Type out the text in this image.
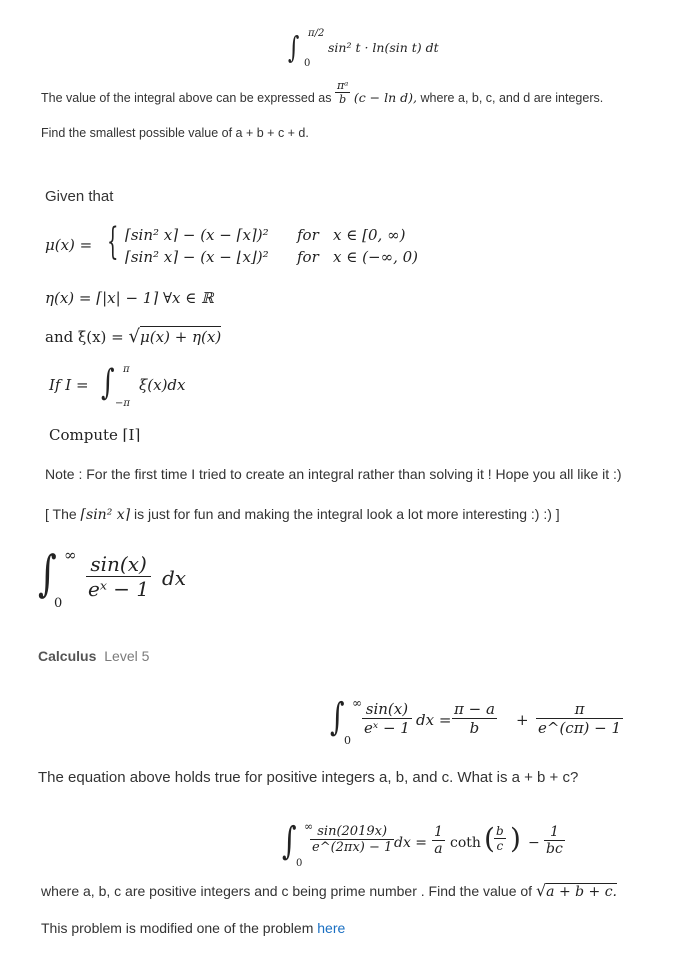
∫ π/2
0
sin² t · ln(sin t) dt
The value of the integral above can be expressed as $\frac{\text{πᵃ}}{b} (c - \ln d)$, where a, b, c, and d are integers.
Find the smallest possible value of a + b + c + d.
Given that
μ(x) = { ⌈sin² x⌉ − (x − ⌈x⌉)² for   x ∈ [0, ∞)
⌈sin² x⌉ − (x − ⌊x⌋)² for   x ∈ (−∞, 0)
η(x) = ⌈|x| − 1⌉ ∀x ∈ ℝ
and ξ(x) = √μ(x) + η(x)
If I = ∫ π
−π
ξ(x)dx
Compute ⌈I⌉
Note : For the first time I tried to create an integral rather than solving it ! Hope you all like it :)
[ The ⌈sin² x⌉ is just for fun and making the integral look a lot more interesting :) :) ]
∫ ∞
0
$\frac{\sin(x)}{\text{eˣ − 1}}$ dx
Calculus Level 5
∫ ∞
0
$\frac{\sin(x)}{\text{eˣ − 1}}$ dx = $\frac{\pi - a}{b} + \frac{\pi}{e\^{}(c\pi) - 1}$
The equation above holds true for positive integers a, b, and c. What is a + b + c?
∫ ∞
0
$\frac{\sin(2019x)}{e\^{}(2\pi x) - 1}$ dx = $\frac{1}{a}$ coth ( $\frac{b}{c}$ ) − $\frac{1}{bc}$
where a, b, c are positive integers and c being prime number . Find the value of √a + b + c.
This problem is modified one of the problem here
